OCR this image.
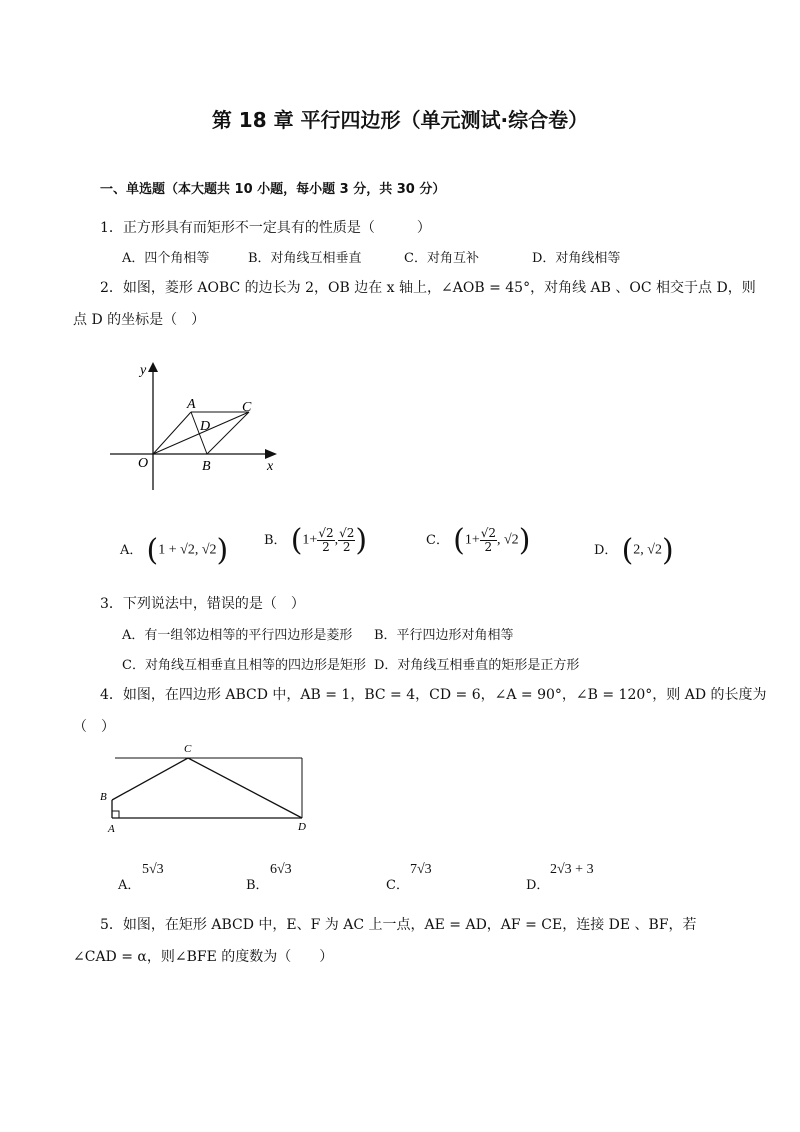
第 18 章 平行四边形（单元测试·综合卷）
一、单选题（本大题共 10 小题，每小题 3 分，共 30 分）
1．正方形具有而矩形不一定具有的性质是（　　　）
A．四个角相等	B．对角线互相垂直	C．对角互补	D．对角线相等
2．如图，菱形 AOBC 的边长为 2，OB 边在 x 轴上，∠AOB = 45°，对角线 AB 、OC 相交于点 D，则
点 D 的坐标是（　）
y
x
O
A	C
D
B
A． (1 + √2, √2)	B． ($1+ \frac{√2}{2}$ , $\frac{√2}{2}$ )	C． ($1+ \frac{√2}{2}$ , √2)	D． (2, √2)
3．下列说法中，错误的是（　）
A．有一组邻边相等的平行四边形是菱形 B．平行四边形对角相等
C．对角线互相垂直且相等的四边形是矩形 D．对角线互相垂直的矩形是正方形
4．如图，在四边形 ABCD 中，AB = 1，BC = 4，CD = 6，∠A = 90°，∠B = 120°，则 AD 的长度为
（　）
C
B
A	D
A．
5√3
B．
6√3
C．
7√3
D．
2√3 + 3
5．如图，在矩形 ABCD 中，E、F 为 AC 上一点，AE = AD，AF = CE，连接 DE 、BF，若
∠CAD = α，则∠BFE 的度数为（　　）
